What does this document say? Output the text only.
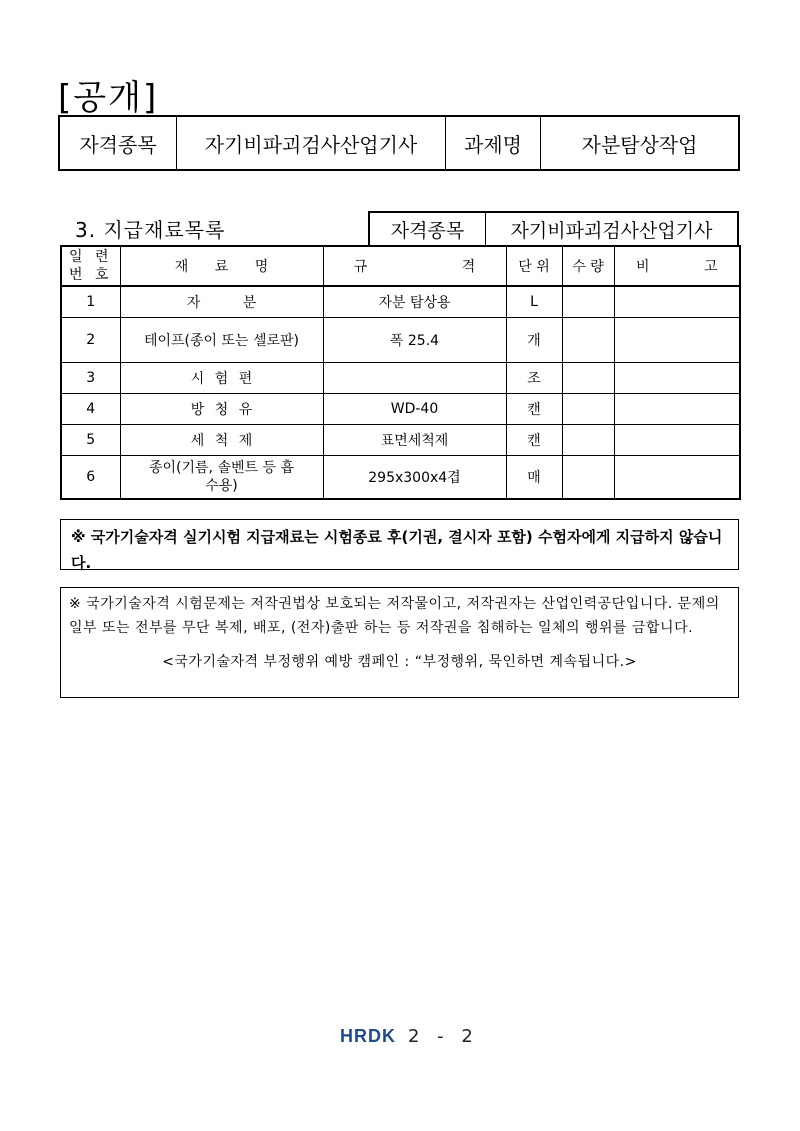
[공개]
자격종목	자기비파괴검사산업기사	과제명	자분탐상작업
3. 지급재료목록	자격종목	자기비파괴검사산업기사
일 련
번 호	재 료 명	규 격	단 위	수 량	비 고
1	자 분	자분 탐상용	L		
2	테이프(종이 또는 셀로판)	폭 25.4	개		
3	시 험 편		조		
4	방 청 유	WD-40	캔		
5	세 척 제	표면세척제	캔		
6	종이(기름, 솔벤트 등 흡수용)	295x300x4겹	매		
※ 국가기술자격 실기시험 지급재료는 시험종료 후(기권, 결시자 포함) 수험자에게 지급하지 않습니다.
※ 국가기술자격 시험문제는 저작권법상 보호되는 저작물이고, 저작권자는 산업인력공단입니다. 문제의 일부 또는 전부를 무단 복제, 배포, (전자)출판 하는 등 저작권을 침해하는 일체의 행위를 금합니다.
<국가기술자격 부정행위 예방 캠페인 : “부정행위, 묵인하면 계속됩니다.>
HRDK 2 - 2
